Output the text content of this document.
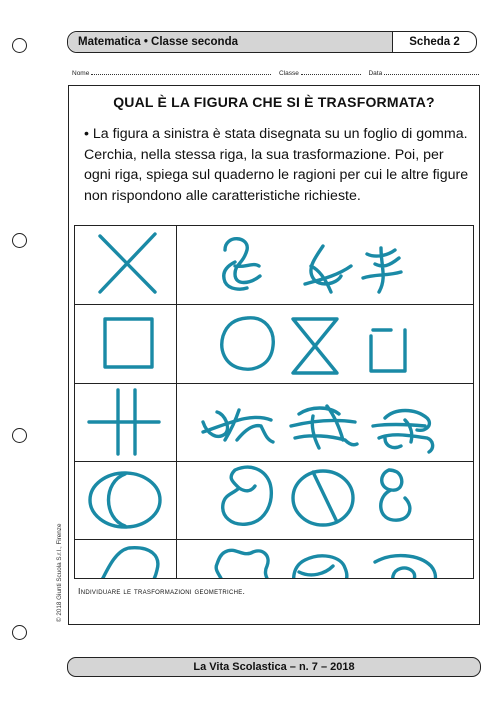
Matematica • Classe seconda	Scheda 2
Nome	Classe	Data
QUAL È LA FIGURA CHE SI È TRASFORMATA?
• La figura a sinistra è stata disegnata su un foglio di gomma. Cerchia, nella stessa riga, la sua trasformazione. Poi, per ogni riga, spiega sul quaderno le ragioni per cui le altre figure non rispondono alle caratteristiche richieste.
Individuare le trasformazioni geometriche.
© 2018 Giunti Scuola S.r.l., Firenze
La Vita Scolastica – n. 7 – 2018
